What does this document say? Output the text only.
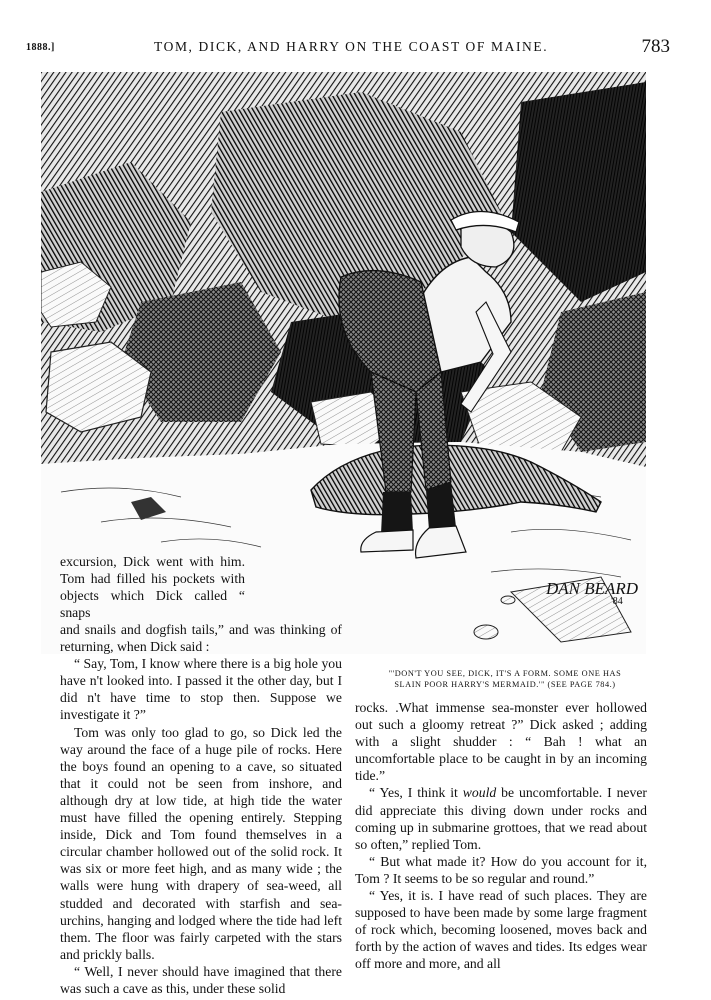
1888.]	TOM, DICK, AND HARRY ON THE COAST OF MAINE.	783
DAN BEARD
'84
excursion, Dick went with him.
Tom had filled his pockets with
objects which Dick called “ snaps

and snails and dogfish tails,” and was thinking of returning, when Dick said :

“ Say, Tom, I know where there is a big hole you have n't looked into. I passed it the other day, but I did n't have time to stop then. Suppose we investigate it ?”

Tom was only too glad to go, so Dick led the way around the face of a huge pile of rocks. Here the boys found an opening to a cave, so situated that it could not be seen from inshore, and although dry at low tide, at high tide the water must have filled the opening entirely. Stepping inside, Dick and Tom found themselves in a circular chamber hollowed out of the solid rock. It was six or more feet high, and as many wide ; the walls were hung with drapery of sea-weed, all studded and decorated with starfish and sea-urchins, hanging and lodged where the tide had left them. The floor was fairly carpeted with the stars and prickly balls.

“ Well, I never should have imagined that there was such a cave as this, under these solid

"'DON'T YOU SEE, DICK, IT'S A FORM. SOME ONE HAS
SLAIN POOR HARRY'S MERMAID.'" (SEE PAGE 784.)

rocks. .What immense sea-monster ever hollowed out such a gloomy retreat ?” Dick asked ; adding with a slight shudder : “ Bah ! what an uncomfortable place to be caught in by an incoming tide.”

“ Yes, I think it would be uncomfortable. I never did appreciate this diving down under rocks and coming up in submarine grottoes, that we read about so often,” replied Tom.

“ But what made it? How do you account for it, Tom ? It seems to be so regular and round.”

“ Yes, it is. I have read of such places. They are supposed to have been made by some large fragment of rock which, becoming loosened, moves back and forth by the action of waves and tides. Its edges wear off more and more, and all
